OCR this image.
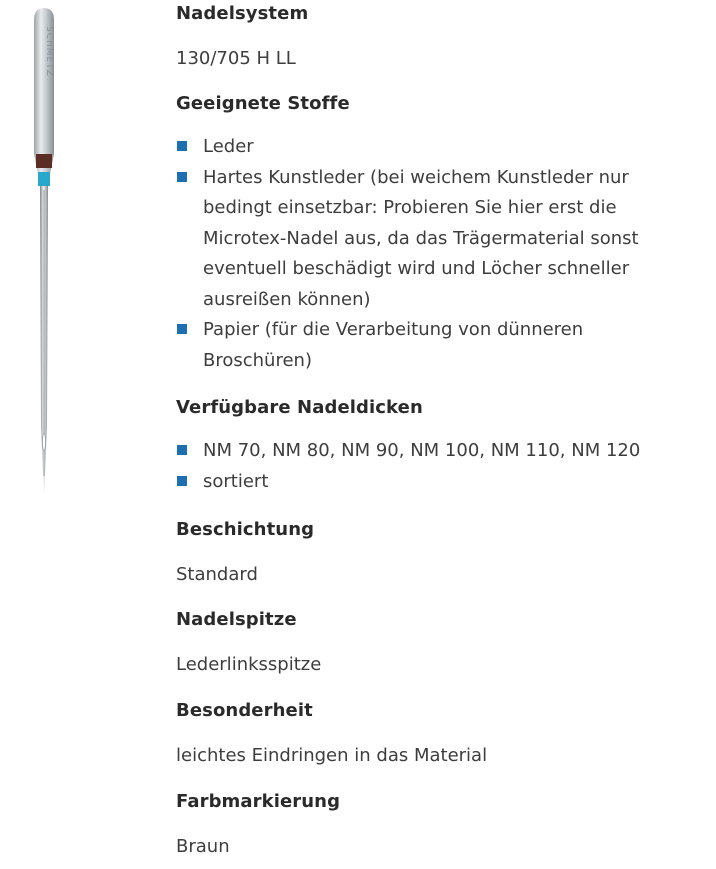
SCHMETZ
Nadelsystem

130/705 H LL

Geeignete Stoffe
Leder
Hartes Kunstleder (bei weichem Kunstleder nur bedingt einsetzbar: Probieren Sie hier erst die Microtex-Nadel aus, da das Trägermaterial sonst eventuell beschädigt wird und Löcher schneller ausreißen können)
Papier (für die Verarbeitung von dünneren Broschüren)
Verfügbare Nadeldicken
NM 70, NM 80, NM 90, NM 100, NM 110, NM 120
sortiert
Beschichtung

Standard

Nadelspitze

Lederlinksspitze

Besonderheit

leichtes Eindringen in das Material

Farbmarkierung

Braun
